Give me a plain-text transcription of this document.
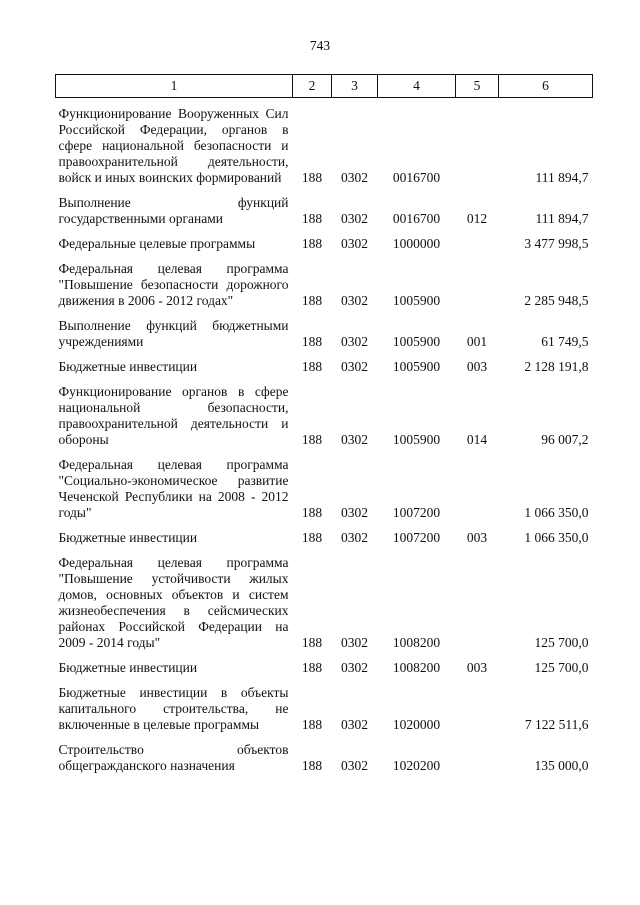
743
1	2	3	4	5	6
Функционирование Вооруженных Сил Российской Федерации, органов в сфере национальной безопасности и правоохранительной деятельности, войск и иных воинских формирований	188	0302	0016700		111 894,7
Выполнение функций государственными органами	188	0302	0016700	012	111 894,7
Федеральные целевые программы	188	0302	1000000		3 477 998,5
Федеральная целевая программа "Повышение безопасности дорожного движения в 2006 - 2012 годах"	188	0302	1005900		2 285 948,5
Выполнение функций бюджетными учреждениями	188	0302	1005900	001	61 749,5
Бюджетные инвестиции	188	0302	1005900	003	2 128 191,8
Функционирование органов в сфере национальной безопасности, правоохранительной деятельности и обороны	188	0302	1005900	014	96 007,2
Федеральная целевая программа "Социально-экономическое развитие Чеченской Республики на 2008 - 2012 годы"	188	0302	1007200		1 066 350,0
Бюджетные инвестиции	188	0302	1007200	003	1 066 350,0
Федеральная целевая программа "Повышение устойчивости жилых домов, основных объектов и систем жизнеобеспечения в сейсмических районах Российской Федерации на 2009 - 2014 годы"	188	0302	1008200		125 700,0
Бюджетные инвестиции	188	0302	1008200	003	125 700,0
Бюджетные инвестиции в объекты капитального строительства, не включенные в целевые программы	188	0302	1020000		7 122 511,6
Строительство объектов общегражданского назначения	188	0302	1020200		135 000,0
